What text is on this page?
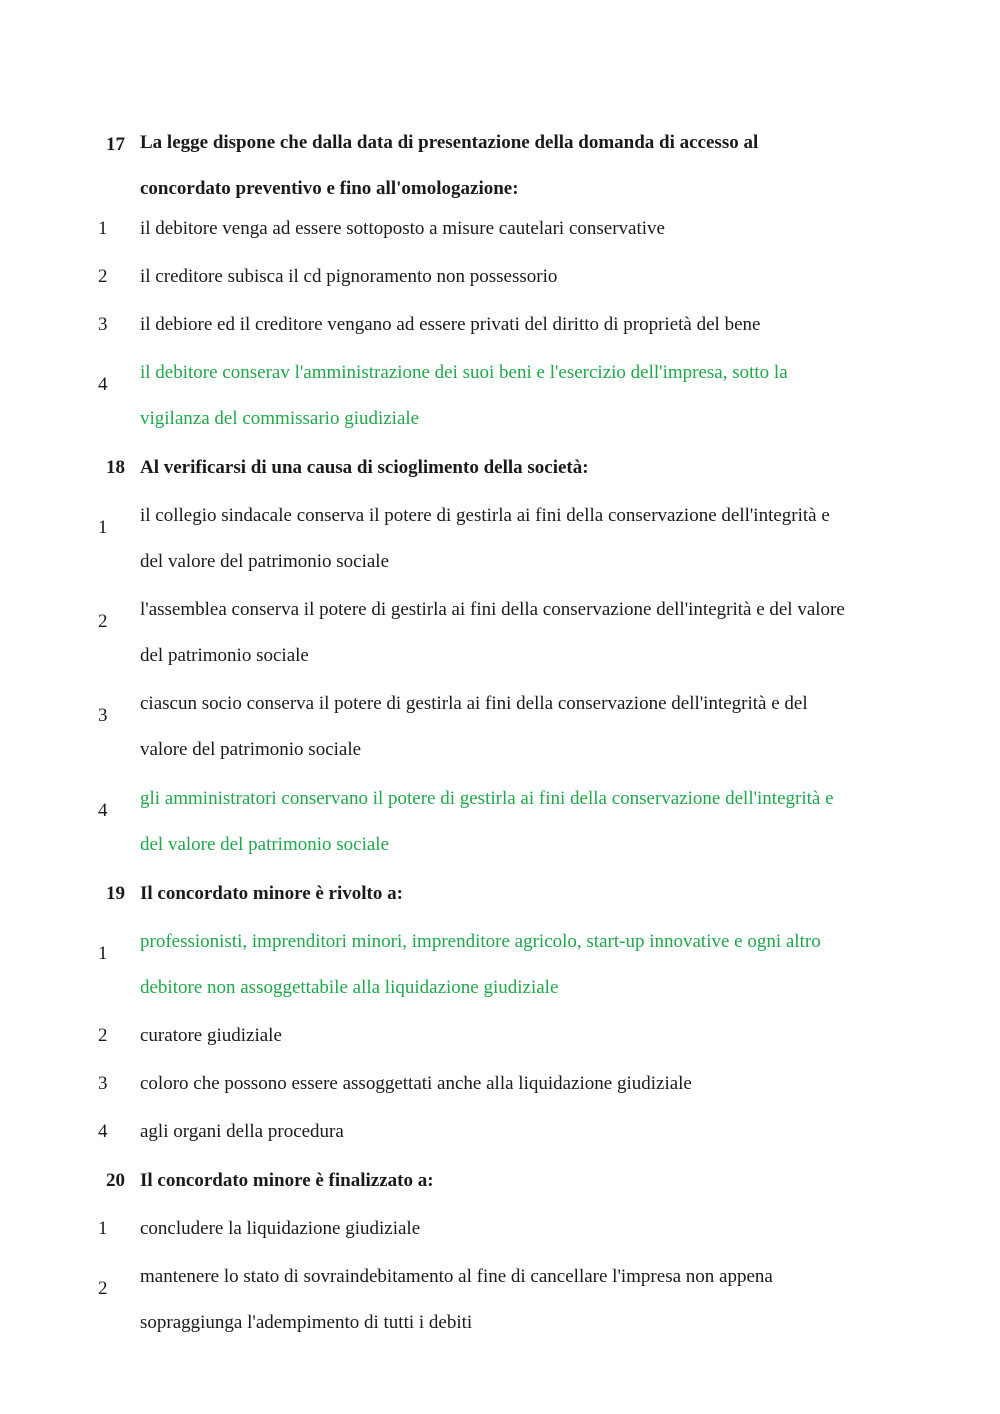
17 La legge dispone che dalla data di presentazione della domanda di accesso al
concordato preventivo e fino all'omologazione:
1	il debitore venga ad essere sottoposto a misure cautelari conservative
2	il creditore subisca il cd pignoramento non possessorio
3	il debiore ed il creditore vengano ad essere privati del diritto di proprietà del bene
4
il debitore conserav l'amministrazione dei suoi beni e l'esercizio dell'impresa, sotto la
vigilanza del commissario giudiziale
18 Al verificarsi di una causa di scioglimento della società:
1
il collegio sindacale conserva il potere di gestirla ai fini della conservazione dell'integrità e
del valore del patrimonio sociale
2
l'assemblea conserva il potere di gestirla ai fini della conservazione dell'integrità e del valore
del patrimonio sociale
3
ciascun socio conserva il potere di gestirla ai fini della conservazione dell'integrità e del
valore del patrimonio sociale
4
gli amministratori conservano il potere di gestirla ai fini della conservazione dell'integrità e
del valore del patrimonio sociale
19 Il concordato minore è rivolto a:
1
professionisti, imprenditori minori, imprenditore agricolo, start-up innovative e ogni altro
debitore non assoggettabile alla liquidazione giudiziale
2	curatore giudiziale
3	coloro che possono essere assoggettati anche alla liquidazione giudiziale
4	agli organi della procedura
20 Il concordato minore è finalizzato a:
1	concludere la liquidazione giudiziale
2
mantenere lo stato di sovraindebitamento al fine di cancellare l'impresa non appena
sopraggiunga l'adempimento di tutti i debiti
